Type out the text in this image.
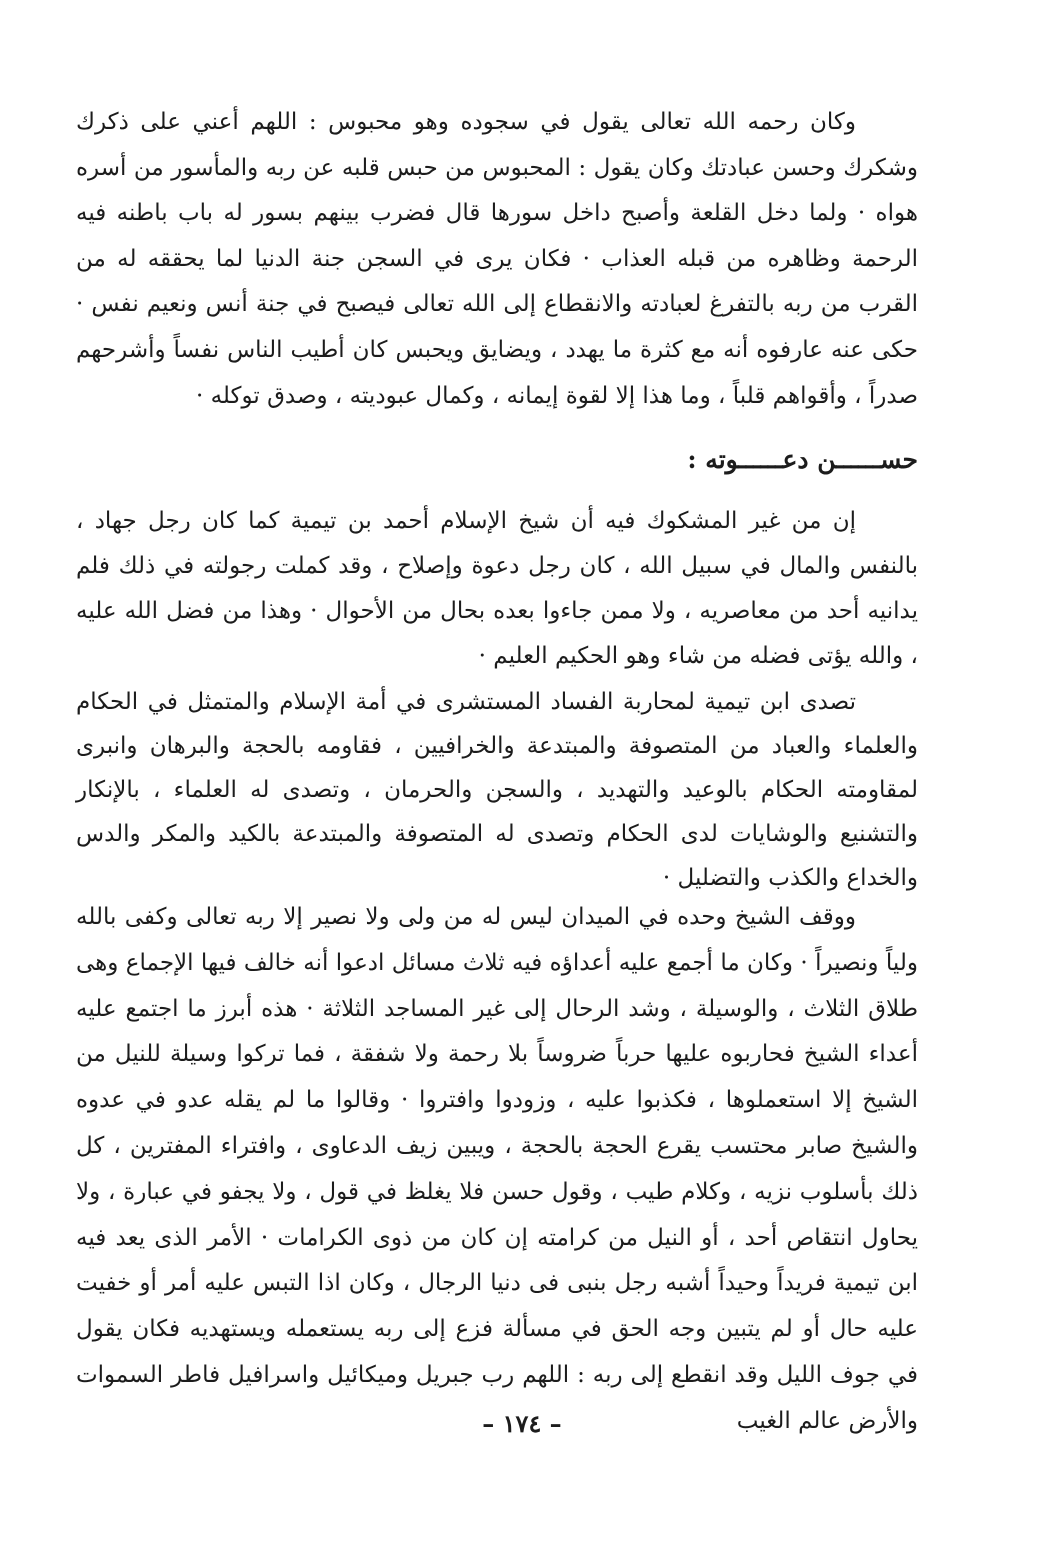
وكان رحمه الله تعالى يقول في سجوده وهو محبوس : اللهم أعني على ذكرك وشكرك وحسن عبادتك وكان يقول : المحبوس من حبس قلبه عن ربه والمأسور من أسره هواه · ولما دخل القلعة وأصبح داخل سورها قال فضرب بينهم بسور له باب باطنه فيه الرحمة وظاهره من قبله العذاب · فكان يرى في السجن جنة الدنيا لما يحققه له من القرب من ربه بالتفرغ لعبادته والانقطاع إلى الله تعالى فيصبح في جنة أنس ونعيم نفس · حكى عنه عارفوه أنه مع كثرة ما يهدد ، ويضايق ويحبس كان أطيب الناس نفساً وأشرحهم صدراً ، وأقواهم قلباً ، وما هذا إلا لقوة إيمانه ، وكمال عبوديته ، وصدق توكله ·

حســــــن دعــــــوته :

إن من غير المشكوك فيه أن شيخ الإسلام أحمد بن تيمية كما كان رجل جهاد ، بالنفس والمال في سبيل الله ، كان رجل دعوة وإصلاح ، وقد كملت رجولته في ذلك فلم يدانيه أحد من معاصريه ، ولا ممن جاءوا بعده بحال من الأحوال · وهذا من فضل الله عليه ، والله يؤتى فضله من شاء وهو الحكيم العليم ·

تصدى ابن تيمية لمحاربة الفساد المستشرى في أمة الإسلام والمتمثل في الحكام والعلماء والعباد من المتصوفة والمبتدعة والخرافيين ، فقاومه بالحجة والبرهان وانبرى لمقاومته الحكام بالوعيد والتهديد ، والسجن والحرمان ، وتصدى له العلماء ، بالإنكار والتشنيع والوشايات لدى الحكام وتصدى له المتصوفة والمبتدعة بالكيد والمكر والدس والخداع والكذب والتضليل ·

ووقف الشيخ وحده في الميدان ليس له من ولى ولا نصير إلا ربه تعالى وكفى بالله ولياً ونصيراً · وكان ما أجمع عليه أعداؤه فيه ثلاث مسائل ادعوا أنه خالف فيها الإجماع وهى طلاق الثلاث ، والوسيلة ، وشد الرحال إلى غير المساجد الثلاثة · هذه أبرز ما اجتمع عليه أعداء الشيخ فحاربوه عليها حرباً ضروساً بلا رحمة ولا شفقة ، فما تركوا وسيلة للنيل من الشيخ إلا استعملوها ، فكذبوا عليه ، وزودوا وافتروا · وقالوا ما لم يقله عدو في عدوه والشيخ صابر محتسب يقرع الحجة بالحجة ، ويبين زيف الدعاوى ، وافتراء المفترين ، كل ذلك بأسلوب نزيه ، وكلام طيب ، وقول حسن فلا يغلظ في قول ، ولا يجفو في عبارة ، ولا يحاول انتقاص أحد ، أو النيل من كرامته إن كان من ذوى الكرامات · الأمر الذى يعد فيه ابن تيمية فريداً وحيداً أشبه رجل بنبى فى دنيا الرجال ، وكان اذا التبس عليه أمر أو خفيت عليه حال أو لم يتبين وجه الحق في مسألة فزع إلى ربه يستعمله ويستهديه فكان يقول في جوف الليل وقد انقطع إلى ربه : اللهم رب جبريل وميكائيل واسرافيل فاطر السموات والأرض عالم الغيب

– ١٧٤ –
